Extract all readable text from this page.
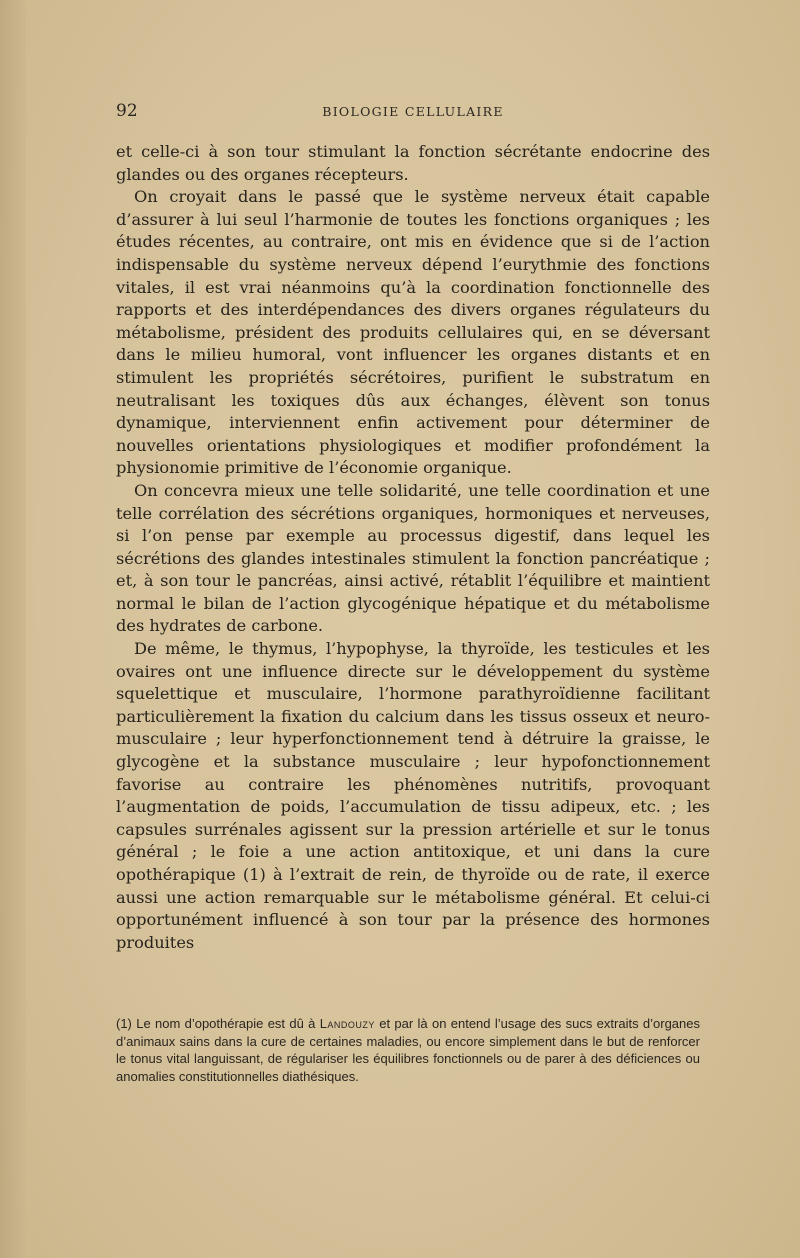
92	BIOLOGIE CELLULAIRE

et celle-ci à son tour stimulant la fonction sécrétante endocrine des glandes ou des organes récepteurs.

On croyait dans le passé que le système nerveux était capable d’assurer à lui seul l’harmonie de toutes les fonctions organiques ; les études récentes, au contraire, ont mis en évidence que si de l’action indispensable du système nerveux dépend l’eurythmie des fonctions vitales, il est vrai néanmoins qu’à la coordination fonctionnelle des rapports et des interdépendances des divers organes régulateurs du métabolisme, président des produits cellulaires qui, en se déversant dans le milieu humoral, vont influencer les organes distants et en stimulent les propriétés sécrétoires, purifient le substratum en neutralisant les toxiques dûs aux échanges, élèvent son tonus dynamique, interviennent enfin activement pour déterminer de nouvelles orientations physiologiques et modifier profondément la physionomie primitive de l’économie organique.

On concevra mieux une telle solidarité, une telle coordination et une telle corrélation des sécrétions organiques, hormoniques et nerveuses, si l’on pense par exemple au processus digestif, dans lequel les sécrétions des glandes intestinales stimulent la fonction pancréatique ; et, à son tour le pancréas, ainsi activé, rétablit l’équilibre et maintient normal le bilan de l’action glycogénique hépatique et du métabolisme des hydrates de carbone.

De même, le thymus, l’hypophyse, la thyroïde, les testicules et les ovaires ont une influence directe sur le développement du système squelettique et musculaire, l’hormone parathyroïdienne facilitant particulièrement la fixation du calcium dans les tissus osseux et neuro-musculaire ; leur hyperfonctionnement tend à détruire la graisse, le glycogène et la substance musculaire ; leur hypofonctionnement favorise au contraire les phénomènes nutritifs, provoquant l’augmentation de poids, l’accumulation de tissu adipeux, etc. ; les capsules surrénales agissent sur la pression artérielle et sur le tonus général ; le foie a une action antitoxique, et uni dans la cure opothérapique (1) à l’extrait de rein, de thyroïde ou de rate, il exerce aussi une action remarquable sur le métabolisme général. Et celui-ci opportunément influencé à son tour par la présence des hormones produites

(1) Le nom d’opothérapie est dû à Landouzy et par là on entend l’usage des sucs extraits d’organes d’animaux sains dans la cure de certaines maladies, ou encore simplement dans le but de renforcer le tonus vital languissant, de régulariser les équilibres fonctionnels ou de parer à des déficiences ou anomalies constitutionnelles diathésiques.
